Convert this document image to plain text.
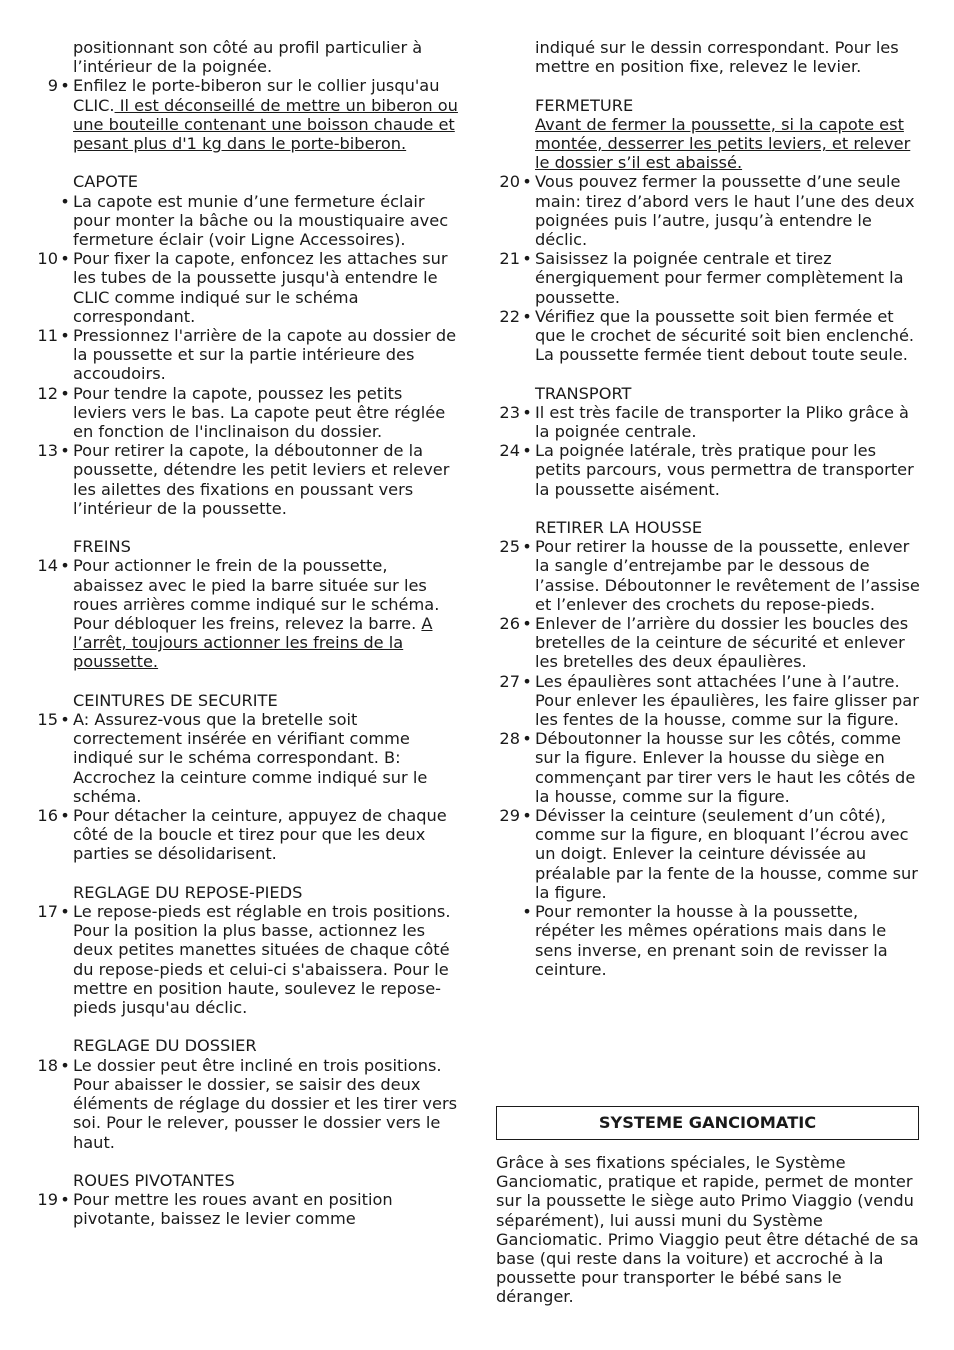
positionnant son côté au profil particulier à l’intérieur de la poignée.
9 • Enfilez le porte-biberon sur le collier jusqu'au CLIC. Il est déconseillé de mettre un biberon ou une bouteille contenant une boisson chaude et pesant plus d'1 kg dans le porte-biberon.
CAPOTE
• La capote est munie d’une fermeture éclair pour monter la bâche ou la moustiquaire avec fermeture éclair (voir Ligne Accessoires).
10 • Pour fixer la capote, enfoncez les attaches sur les tubes de la poussette jusqu'à entendre le CLIC comme indiqué sur le schéma correspondant.
11 • Pressionnez l'arrière de la capote au dossier de la poussette et sur la partie intérieure des accoudoirs.
12 • Pour tendre la capote, poussez les petits leviers vers le bas. La capote peut être réglée en fonction de l'inclinaison du dossier.
13 • Pour retirer la capote, la déboutonner de la poussette, détendre les petit leviers et relever les ailettes des fixations en poussant vers l’intérieur de la poussette.
FREINS
14 • Pour actionner le frein de la poussette, abaissez avec le pied la barre située sur les roues arrières comme indiqué sur le schéma. Pour débloquer les freins, relevez la barre. A l’arrêt, toujours actionner les freins de la poussette.
CEINTURES DE SECURITE
15 • A: Assurez-vous que la bretelle soit correctement insérée en vérifiant comme indiqué sur le schéma correspondant. B: Accrochez la ceinture comme indiqué sur le schéma.
16 • Pour détacher la ceinture, appuyez de chaque côté de la boucle et tirez pour que les deux parties se désolidarisent.
REGLAGE DU REPOSE-PIEDS
17 • Le repose-pieds est réglable en trois positions. Pour la position la plus basse, actionnez les deux petites manettes situées de chaque côté du repose-pieds et celui-ci s'abaissera. Pour le mettre en position haute, soulevez le repose-pieds jusqu'au déclic.
REGLAGE DU DOSSIER
18 • Le dossier peut être incliné en trois positions. Pour abaisser le dossier, se saisir des deux éléments de réglage du dossier et les tirer vers soi. Pour le relever, pousser le dossier vers le haut.
ROUES PIVOTANTES
19 • Pour mettre les roues avant en position pivotante, baissez le levier comme
indiqué sur le dessin correspondant. Pour les mettre en position fixe, relevez le levier.
FERMETURE
Avant de fermer la poussette, si la capote est montée, desserrer les petits leviers, et relever le dossier s’il est abaissé.
20 • Vous pouvez fermer la poussette d’une seule main: tirez d’abord vers le haut l’une des deux poignées puis l’autre, jusqu’à entendre le déclic.
21 • Saisissez la poignée centrale et tirez énergiquement pour fermer complètement la poussette.
22 • Vérifiez que la poussette soit bien fermée et que le crochet de sécurité soit bien enclenché. La poussette fermée tient debout toute seule.
TRANSPORT
23 • Il est très facile de transporter la Pliko grâce à la poignée centrale.
24 • La poignée latérale, très pratique pour les petits parcours, vous permettra de transporter la poussette aisément.
RETIRER LA HOUSSE
25 • Pour retirer la housse de la poussette, enlever la sangle d’entrejambe par le dessous de l’assise. Déboutonner le revêtement de l’assise et l’enlever des crochets du repose-pieds.
26 • Enlever de l’arrière du dossier les boucles des bretelles de la ceinture de sécurité et enlever les bretelles des deux épaulières.
27 • Les épaulières sont attachées l’une à l’autre. Pour enlever les épaulières, les faire glisser par les fentes de la housse, comme sur la figure.
28 • Déboutonner la housse sur les côtés, comme sur la figure. Enlever la housse du siège en commençant par tirer vers le haut les côtés de la housse, comme sur la figure.
29 • Dévisser la ceinture (seulement d’un côté), comme sur la figure, en bloquant l’écrou avec un doigt. Enlever la ceinture dévissée au préalable par la fente de la housse, comme sur la figure.
• Pour remonter la housse à la poussette, répéter les mêmes opérations mais dans le sens inverse, en prenant soin de revisser la ceinture.
SYSTEME GANCIOMATIC
Grâce à ses fixations spéciales, le Système Ganciomatic, pratique et rapide, permet de monter sur la poussette le siège auto Primo Viaggio (vendu séparément), lui aussi muni du Système Ganciomatic. Primo Viaggio peut être détaché de sa base (qui reste dans la voiture) et accroché à la poussette pour transporter le bébé sans le déranger.
